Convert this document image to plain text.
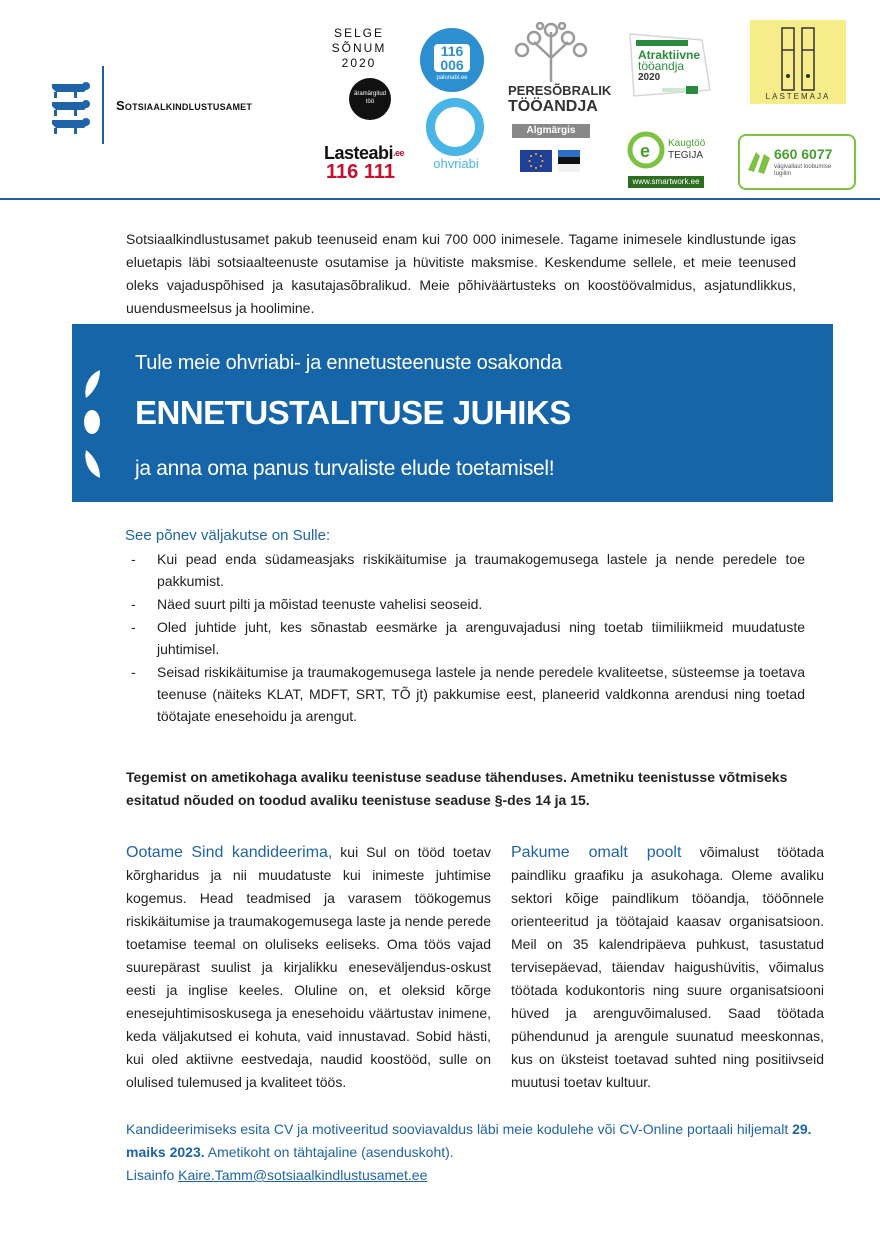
Sotsiaalkindlustusamet
SELGE
SÕNUM
2020
äramärgitud töö
116 006
palunabi.ee
PERESÕBRALIK
TÖÖANDJA
Algmärgis
Atraktiivne
tööandja
2020
LASTEMAJA
Lasteabi$^{.ee}$
116 111	ohvriabi
e Kaugtöö
TEGIJA
www.smartwork.ee
660 6077
vägivallast loobumise tugiliin
Sotsiaalkindlustusamet pakub teenuseid enam kui 700 000 inimesele. Tagame inimesele kindlustunde igas eluetapis läbi sotsiaalteenuste osutamise ja hüvitiste maksmise. Keskendume sellele, et meie teenused oleks vajaduspõhised ja kasutajasõbralikud. Meie põhiväärtusteks on koostöövalmidus, asjatundlikkus, uuendusmeelsus ja hoolimine.
Tule meie ohvriabi- ja ennetusteenuste osakonda
ENNETUSTALITUSE JUHIKS
ja anna oma panus turvaliste elude toetamisel!
See põnev väljakutse on Sulle:
- Kui pead enda südameasjaks riskikäitumise ja traumakogemusega lastele ja nende peredele toe pakkumist.
- Näed suurt pilti ja mõistad teenuste vahelisi seoseid.
- Oled juhtide juht, kes sõnastab eesmärke ja arenguvajadusi ning toetab tiimiliikmeid muudatuste juhtimisel.
- Seisad riskikäitumise ja traumakogemusega lastele ja nende peredele kvaliteetse, süsteemse ja toetava teenuse (näiteks KLAT, MDFT, SRT, TÕ jt) pakkumise eest, planeerid valdkonna arendusi ning toetad töötajate enesehoidu ja arengut.
Tegemist on ametikohaga avaliku teenistuse seaduse tähenduses. Ametniku teenistusse võtmiseks esitatud nõuded on toodud avaliku teenistuse seaduse §-des 14 ja 15.
Ootame Sind kandideerima, kui Sul on tööd toetav kõrgharidus ja nii muudatuste kui inimeste juhtimise kogemus. Head teadmised ja varasem töökogemus riskikäitumise ja traumakogemusega laste ja nende perede toetamise teemal on oluliseks eeliseks. Oma töös vajad suurepärast suulist ja kirjalikku eneseväljendus-oskust eesti ja inglise keeles. Oluline on, et oleksid kõrge enesejuhtimisoskusega ja enesehoidu väärtustav inimene, keda väljakutsed ei kohuta, vaid innustavad. Sobid hästi, kui oled aktiivne eestvedaja, naudid koostööd, sulle on olulised tulemused ja kvaliteet töös.
Pakume omalt poolt võimalust töötada paindliku graafiku ja asukohaga. Oleme avaliku sektori kõige paindlikum tööandja, tööõnnele orienteeritud ja töötajaid kaasav organisatsioon. Meil on 35 kalendripäeva puhkust, tasustatud tervisepäevad, täiendav haigushüvitis, võimalus töötada kodukontoris ning suure organisatsiooni hüved ja arenguvõimalused. Saad töötada pühendunud ja arengule suunatud meeskonnas, kus on üksteist toetavad suhted ning positiivseid muutusi toetav kultuur.
Kandideerimiseks esita CV ja motiveeritud sooviavaldus läbi meie kodulehe või CV-Online portaali hiljemalt 29. maiks 2023. Ametikoht on tähtajaline (asenduskoht).
Lisainfo Kaire.Tamm@sotsiaalkindlustusamet.ee
